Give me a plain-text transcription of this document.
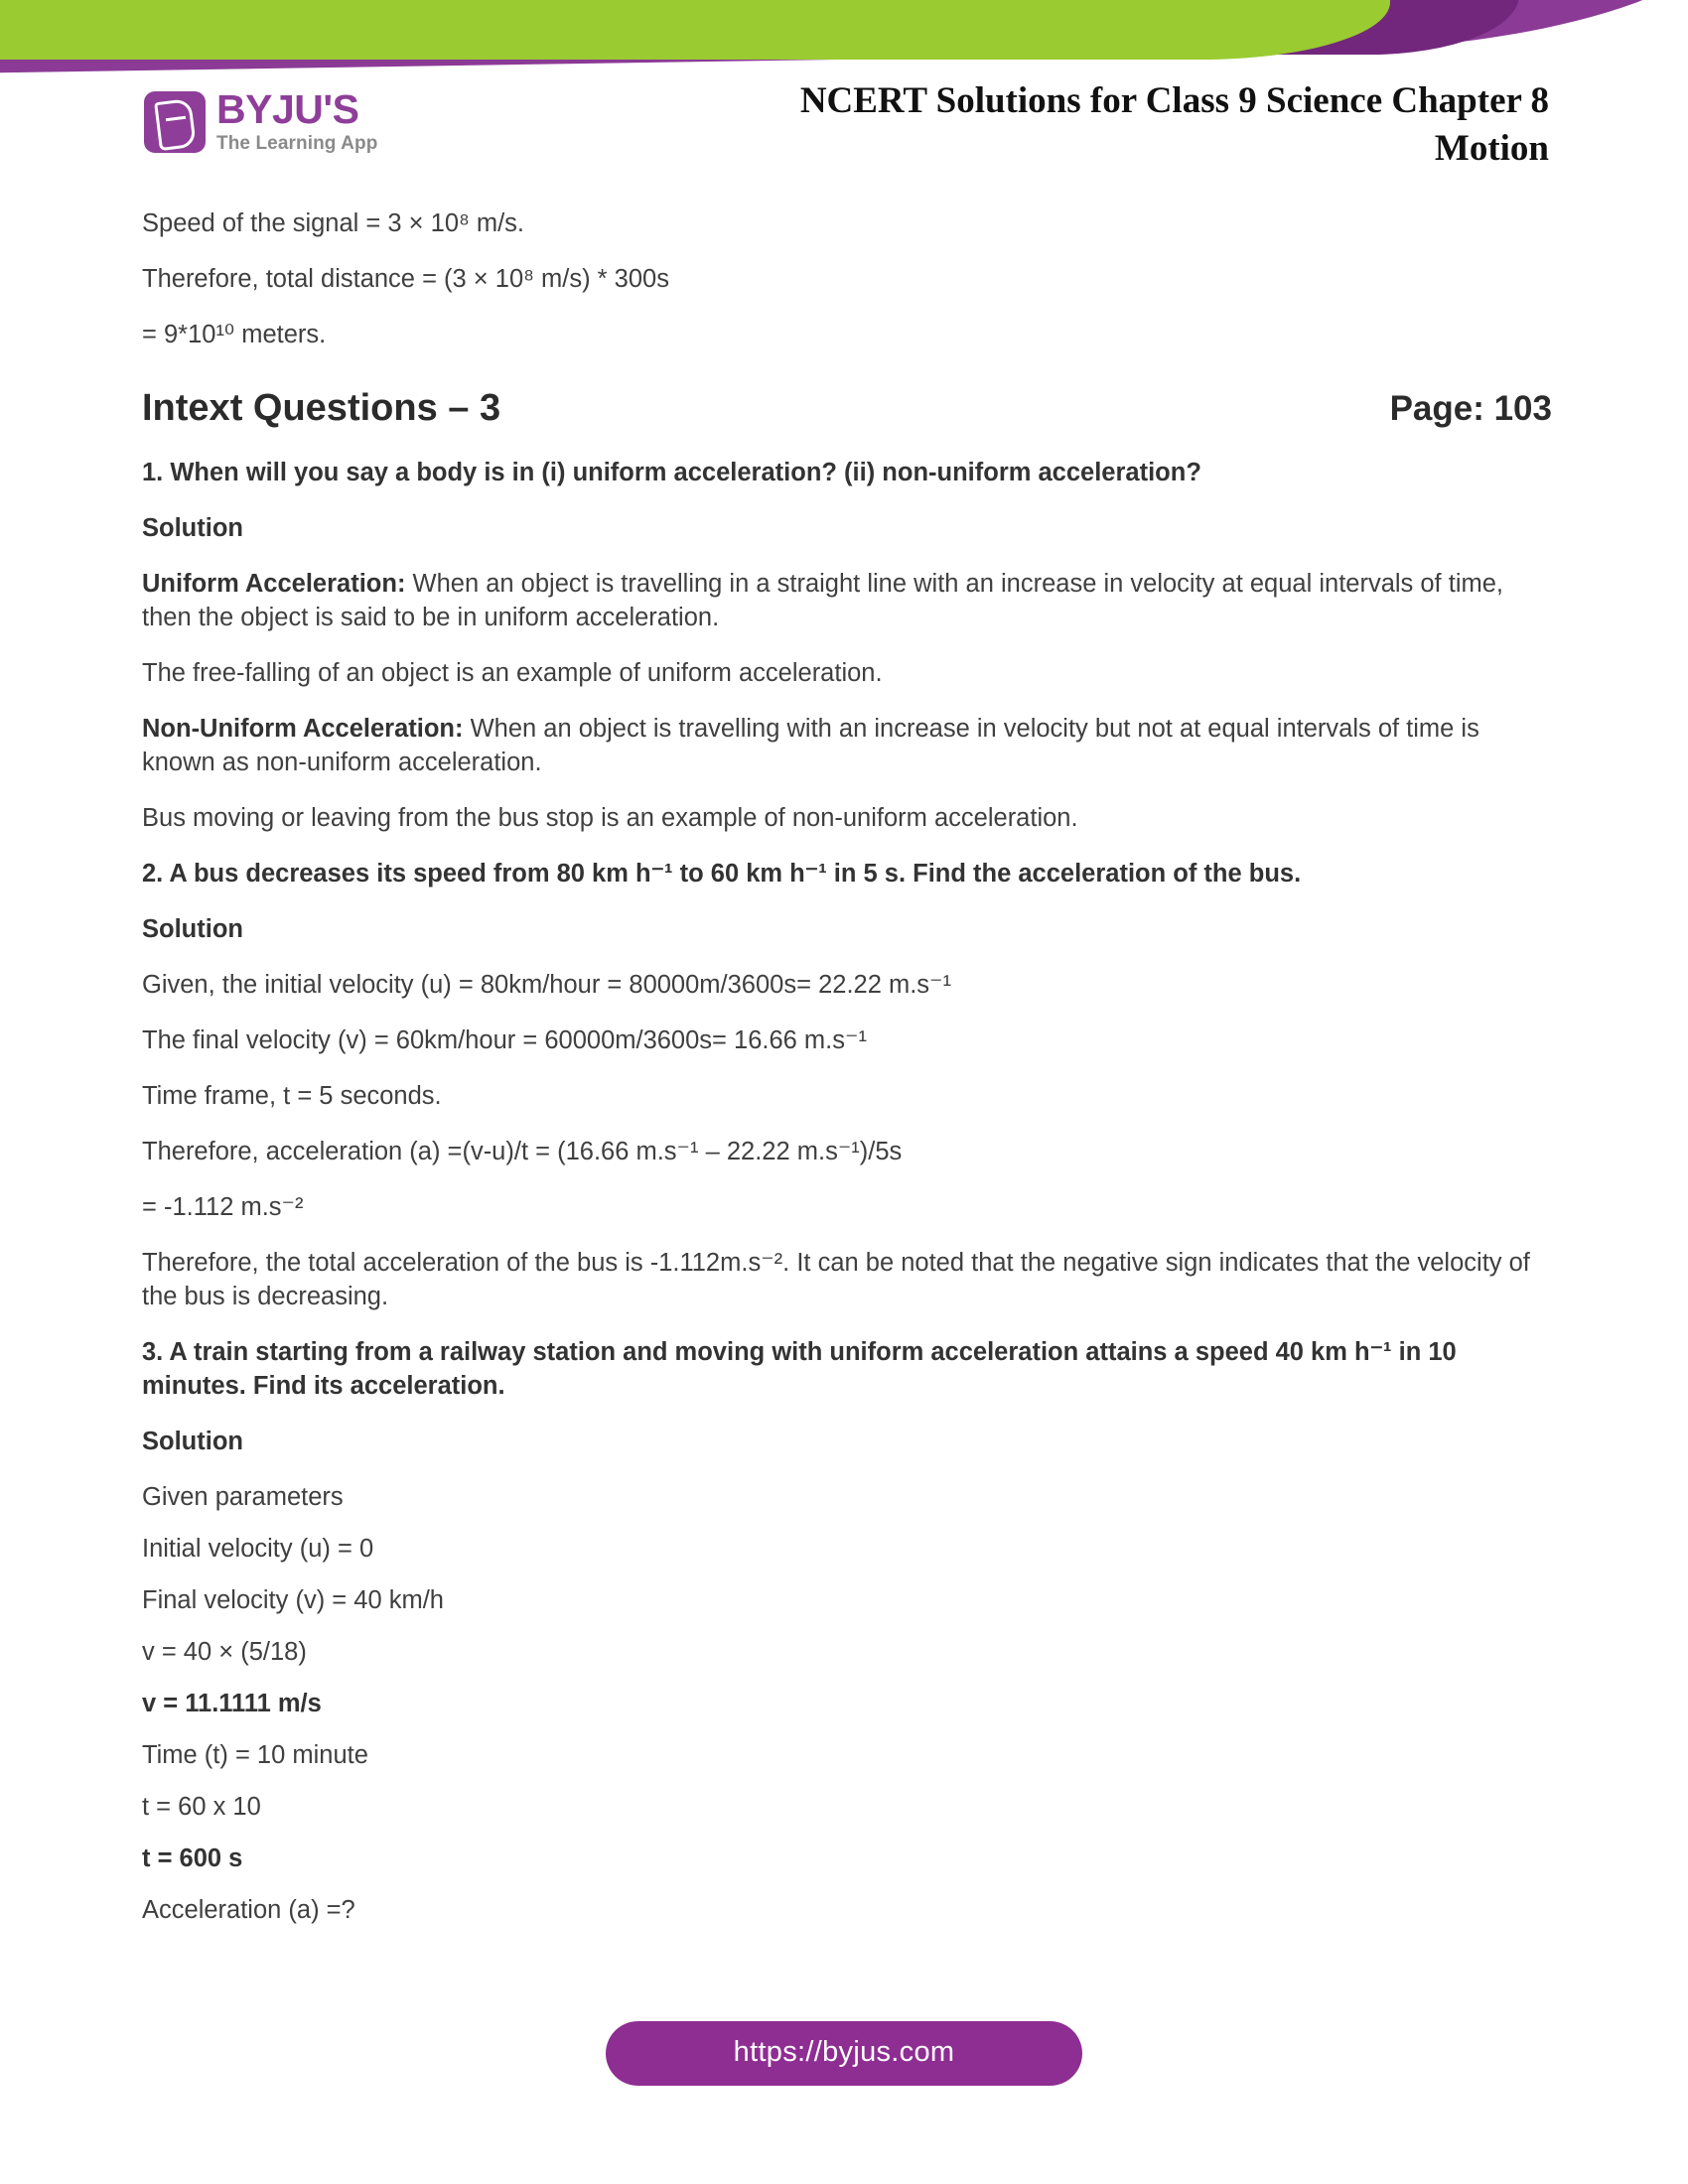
BYJU'S
The Learning App
NCERT Solutions for Class 9 Science Chapter 8
Motion

Speed of the signal = 3 × 10⁸ m/s.

Therefore, total distance = (3 × 10⁸ m/s) * 300s

= 9*10¹⁰ meters.

Intext Questions – 3	Page: 103

1. When will you say a body is in (i) uniform acceleration? (ii) non-uniform acceleration?

Solution

Uniform Acceleration: When an object is travelling in a straight line with an increase in velocity at equal intervals of time, then the object is said to be in uniform acceleration.

The free-falling of an object is an example of uniform acceleration.

Non-Uniform Acceleration: When an object is travelling with an increase in velocity but not at equal intervals of time is known as non-uniform acceleration.

Bus moving or leaving from the bus stop is an example of non-uniform acceleration.

2. A bus decreases its speed from 80 km h⁻¹ to 60 km h⁻¹ in 5 s. Find the acceleration of the bus.

Solution

Given, the initial velocity (u) = 80km/hour = 80000m/3600s= 22.22 m.s⁻¹

The final velocity (v) = 60km/hour = 60000m/3600s= 16.66 m.s⁻¹

Time frame, t = 5 seconds.

Therefore, acceleration (a) =(v-u)/t = (16.66 m.s⁻¹ – 22.22 m.s⁻¹)/5s

= -1.112 m.s⁻²

Therefore, the total acceleration of the bus is -1.112m.s⁻². It can be noted that the negative sign indicates that the velocity of the bus is decreasing.

3. A train starting from a railway station and moving with uniform acceleration attains a speed 40 km h⁻¹ in 10 minutes. Find its acceleration.

Solution

Given parameters

Initial velocity (u) = 0

Final velocity (v) = 40 km/h

v = 40 × (5/18)

v = 11.1111 m/s

Time (t) = 10 minute

t = 60 x 10

t = 600 s

Acceleration (a) =?

https://byjus.com
